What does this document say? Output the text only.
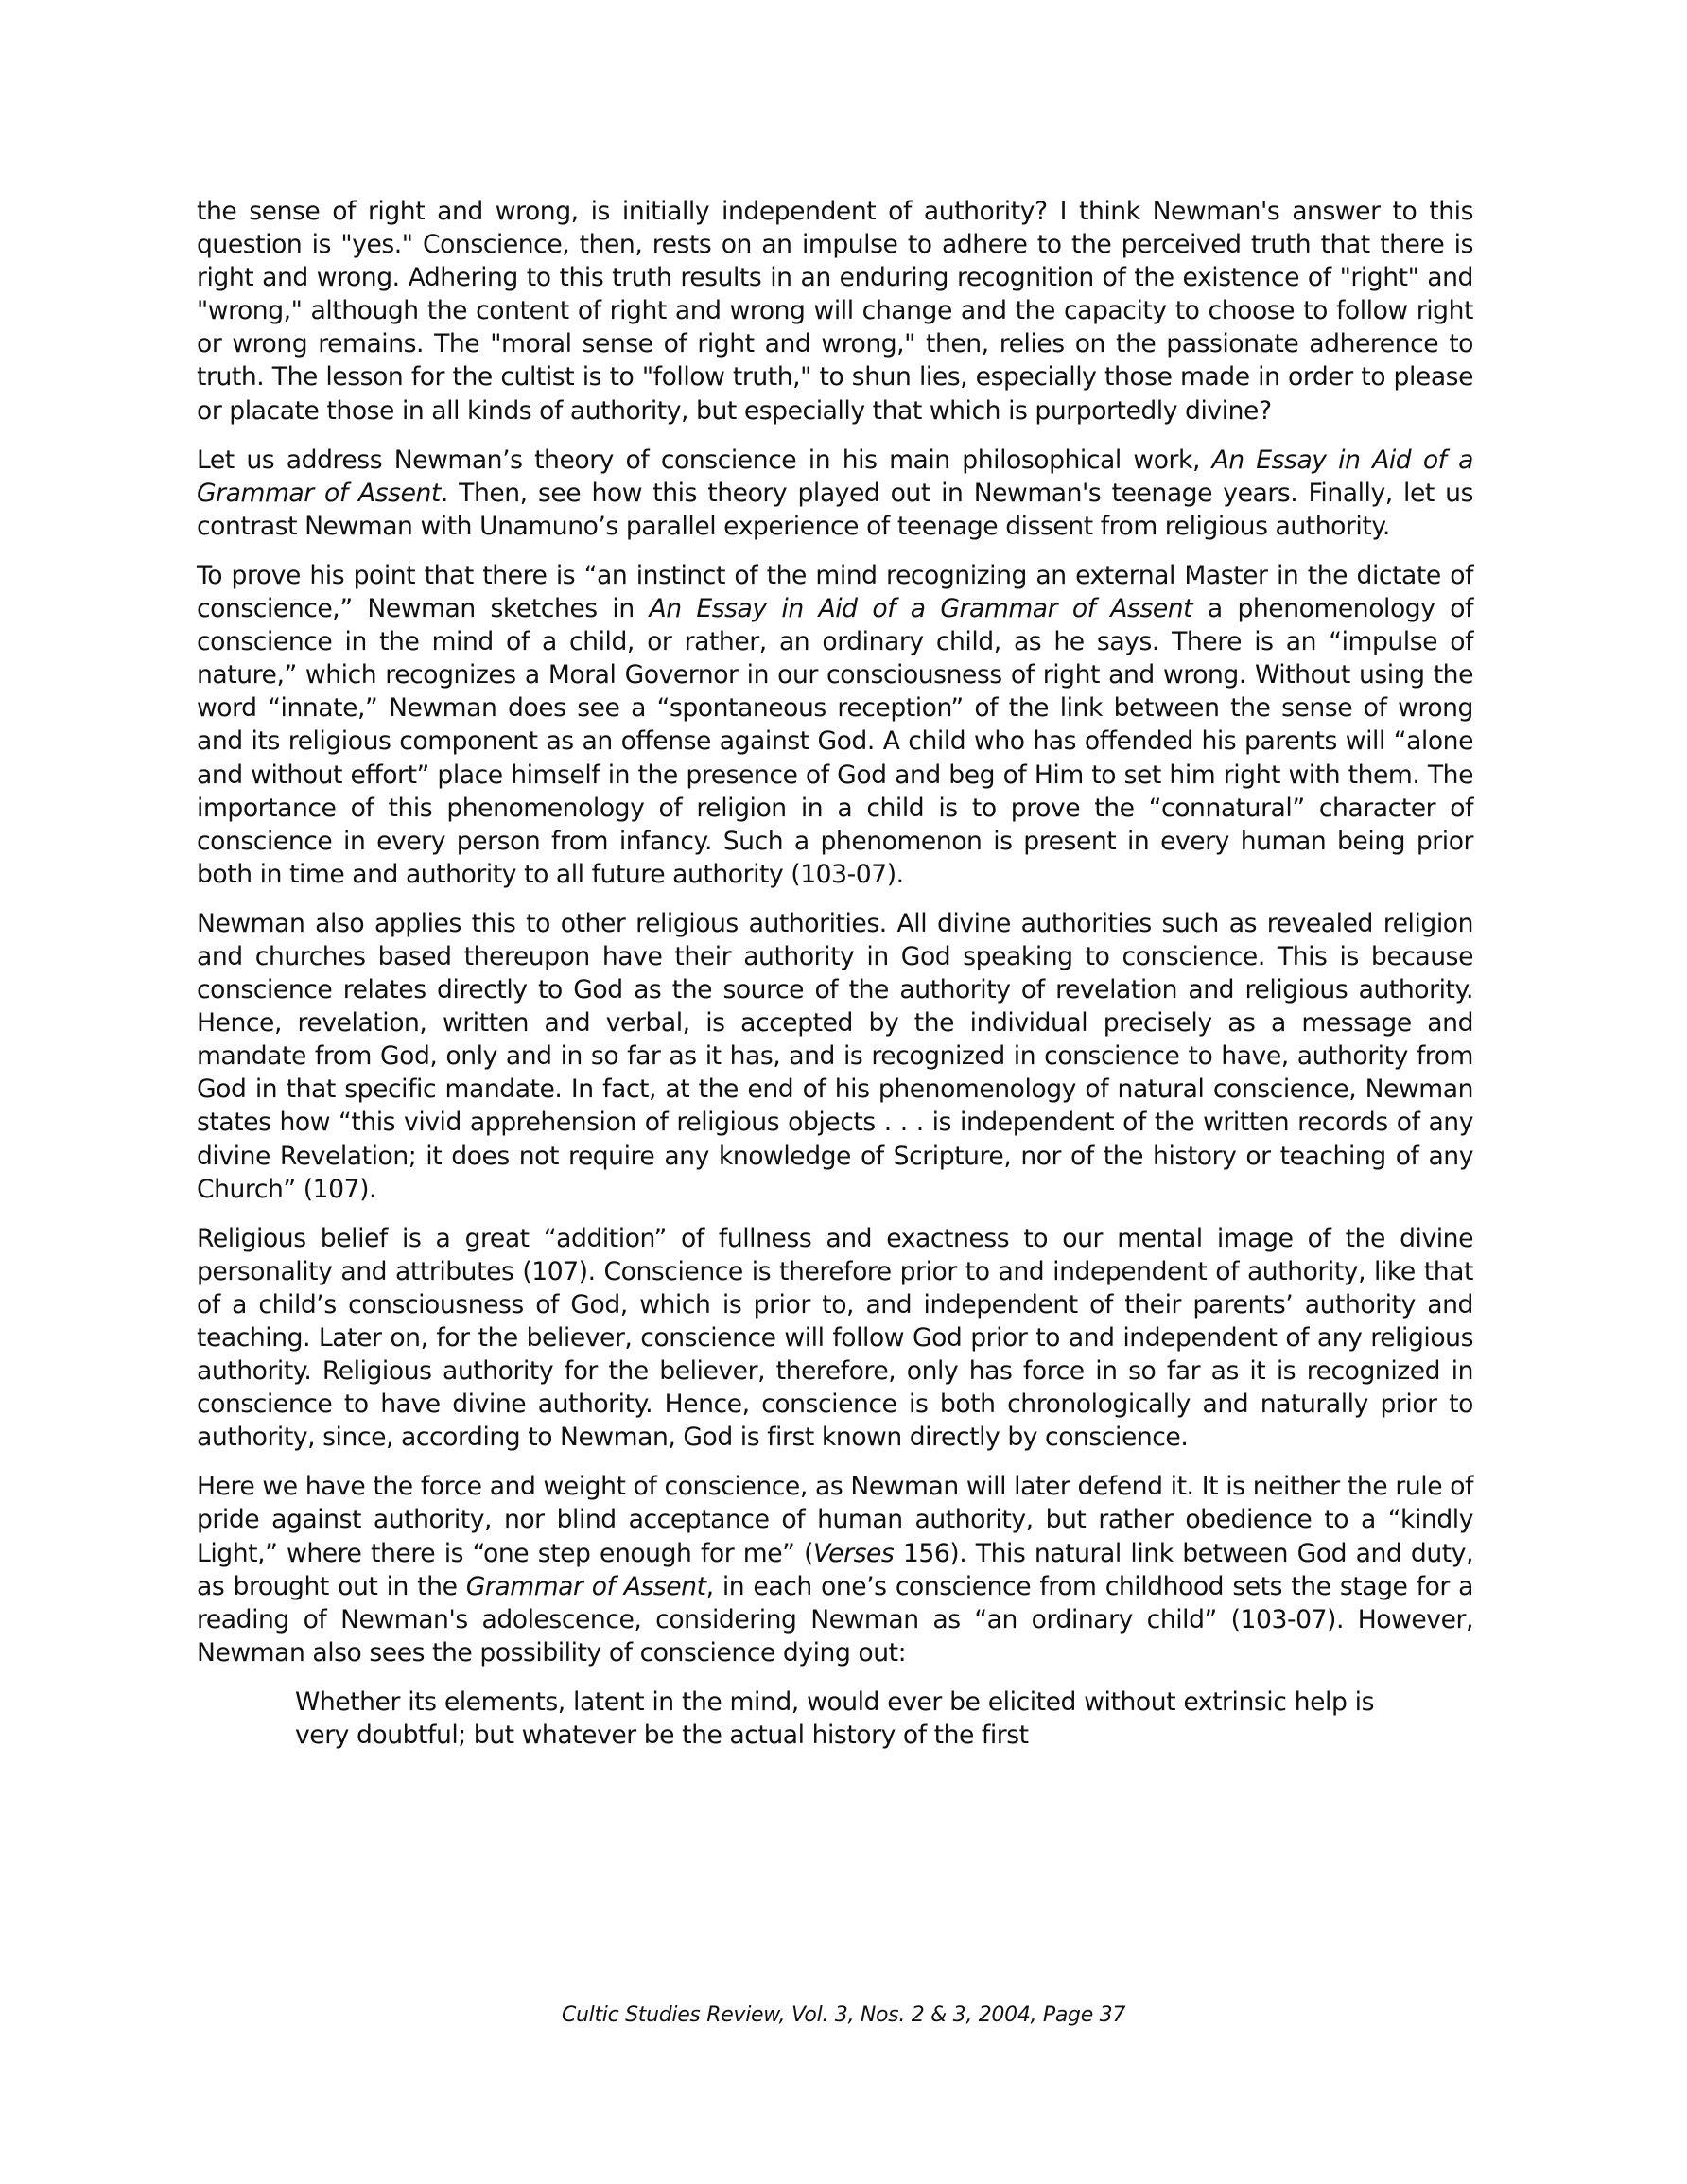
the sense of right and wrong, is initially independent of authority? I think Newman's answer to this question is "yes." Conscience, then, rests on an impulse to adhere to the perceived truth that there is right and wrong. Adhering to this truth results in an enduring recognition of the existence of "right" and "wrong," although the content of right and wrong will change and the capacity to choose to follow right or wrong remains. The "moral sense of right and wrong," then, relies on the passionate adherence to truth. The lesson for the cultist is to "follow truth," to shun lies, especially those made in order to please or placate those in all kinds of authority, but especially that which is purportedly divine?

Let us address Newman’s theory of conscience in his main philosophical work, An Essay in Aid of a Grammar of Assent. Then, see how this theory played out in Newman's teenage years. Finally, let us contrast Newman with Unamuno’s parallel experience of teenage dissent from religious authority.

To prove his point that there is “an instinct of the mind recognizing an external Master in the dictate of conscience,” Newman sketches in An Essay in Aid of a Grammar of Assent a phenomenology of conscience in the mind of a child, or rather, an ordinary child, as he says. There is an “impulse of nature,” which recognizes a Moral Governor in our consciousness of right and wrong. Without using the word “innate,” Newman does see a “spontaneous reception” of the link between the sense of wrong and its religious component as an offense against God. A child who has offended his parents will “alone and without effort” place himself in the presence of God and beg of Him to set him right with them. The importance of this phenomenology of religion in a child is to prove the “connatural” character of conscience in every person from infancy. Such a phenomenon is present in every human being prior both in time and authority to all future authority (103-07).

Newman also applies this to other religious authorities. All divine authorities such as revealed religion and churches based thereupon have their authority in God speaking to conscience. This is because conscience relates directly to God as the source of the authority of revelation and religious authority. Hence, revelation, written and verbal, is accepted by the individual precisely as a message and mandate from God, only and in so far as it has, and is recognized in conscience to have, authority from God in that specific mandate. In fact, at the end of his phenomenology of natural conscience, Newman states how “this vivid apprehension of religious objects . . . is independent of the written records of any divine Revelation; it does not require any knowledge of Scripture, nor of the history or teaching of any Church” (107).

Religious belief is a great “addition” of fullness and exactness to our mental image of the divine personality and attributes (107). Conscience is therefore prior to and independent of authority, like that of a child’s consciousness of God, which is prior to, and independent of their parents’ authority and teaching. Later on, for the believer, conscience will follow God prior to and independent of any religious authority. Religious authority for the believer, therefore, only has force in so far as it is recognized in conscience to have divine authority. Hence, conscience is both chronologically and naturally prior to authority, since, according to Newman, God is first known directly by conscience.

Here we have the force and weight of conscience, as Newman will later defend it. It is neither the rule of pride against authority, nor blind acceptance of human authority, but rather obedience to a “kindly Light,” where there is “one step enough for me” (Verses 156). This natural link between God and duty, as brought out in the Grammar of Assent, in each one’s conscience from childhood sets the stage for a reading of Newman's adolescence, considering Newman as “an ordinary child” (103-07). However, Newman also sees the possibility of conscience dying out:

Whether its elements, latent in the mind, would ever be elicited without extrinsic help is very doubtful; but whatever be the actual history of the first

Cultic Studies Review, Vol. 3, Nos. 2 & 3, 2004, Page 37
